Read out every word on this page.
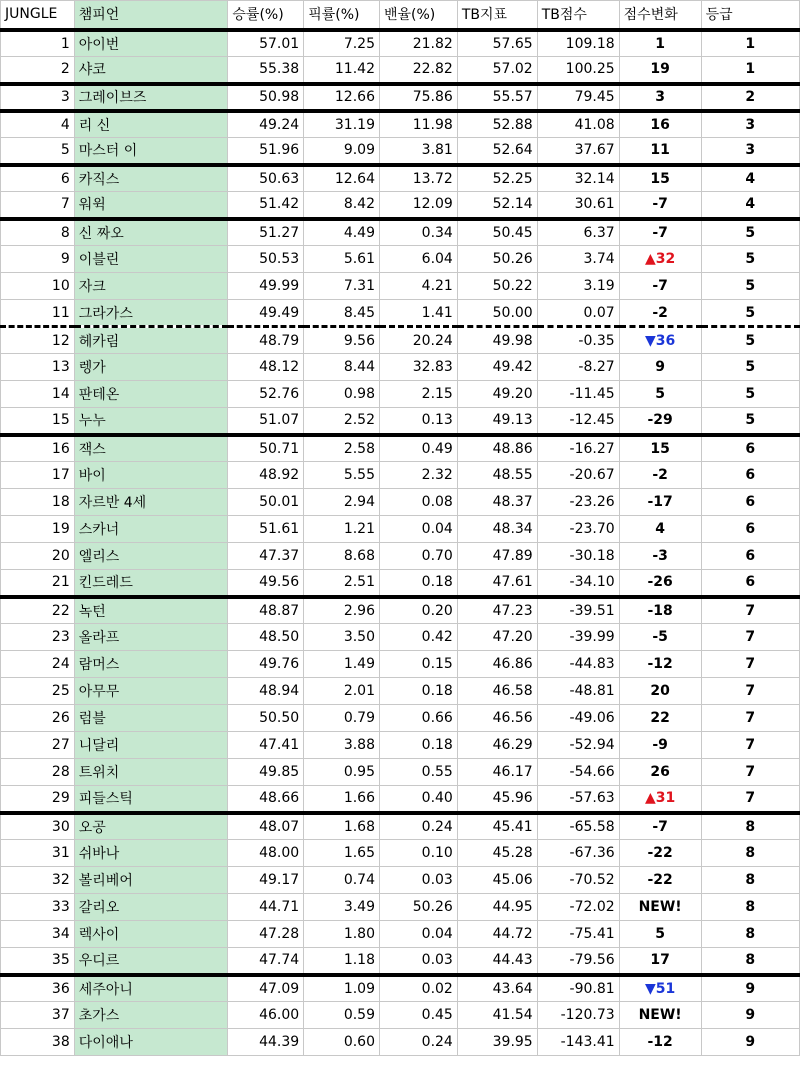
JUNGLE	챔피언	승률(%)	픽률(%)	밴율(%)	TB지표	TB점수	점수변화	등급
1	아이번	57.01	7.25	21.82	57.65	109.18	1	1
2	샤코	55.38	11.42	22.82	57.02	100.25	19	1
3	그레이브즈	50.98	12.66	75.86	55.57	79.45	3	2
4	리 신	49.24	31.19	11.98	52.88	41.08	16	3
5	마스터 이	51.96	9.09	3.81	52.64	37.67	11	3
6	카직스	50.63	12.64	13.72	52.25	32.14	15	4
7	워윅	51.42	8.42	12.09	52.14	30.61	-7	4
8	신 짜오	51.27	4.49	0.34	50.45	6.37	-7	5
9	이블린	50.53	5.61	6.04	50.26	3.74	▲32	5
10	자크	49.99	7.31	4.21	50.22	3.19	-7	5
11	그라가스	49.49	8.45	1.41	50.00	0.07	-2	5
12	헤카림	48.79	9.56	20.24	49.98	-0.35	▼36	5
13	렝가	48.12	8.44	32.83	49.42	-8.27	9	5
14	판테온	52.76	0.98	2.15	49.20	-11.45	5	5
15	누누	51.07	2.52	0.13	49.13	-12.45	-29	5
16	잭스	50.71	2.58	0.49	48.86	-16.27	15	6
17	바이	48.92	5.55	2.32	48.55	-20.67	-2	6
18	자르반 4세	50.01	2.94	0.08	48.37	-23.26	-17	6
19	스카너	51.61	1.21	0.04	48.34	-23.70	4	6
20	엘리스	47.37	8.68	0.70	47.89	-30.18	-3	6
21	킨드레드	49.56	2.51	0.18	47.61	-34.10	-26	6
22	녹턴	48.87	2.96	0.20	47.23	-39.51	-18	7
23	올라프	48.50	3.50	0.42	47.20	-39.99	-5	7
24	람머스	49.76	1.49	0.15	46.86	-44.83	-12	7
25	아무무	48.94	2.01	0.18	46.58	-48.81	20	7
26	럼블	50.50	0.79	0.66	46.56	-49.06	22	7
27	니달리	47.41	3.88	0.18	46.29	-52.94	-9	7
28	트위치	49.85	0.95	0.55	46.17	-54.66	26	7
29	피들스틱	48.66	1.66	0.40	45.96	-57.63	▲31	7
30	오공	48.07	1.68	0.24	45.41	-65.58	-7	8
31	쉬바나	48.00	1.65	0.10	45.28	-67.36	-22	8
32	볼리베어	49.17	0.74	0.03	45.06	-70.52	-22	8
33	갈리오	44.71	3.49	50.26	44.95	-72.02	NEW!	8
34	렉사이	47.28	1.80	0.04	44.72	-75.41	5	8
35	우디르	47.74	1.18	0.03	44.43	-79.56	17	8
36	세주아니	47.09	1.09	0.02	43.64	-90.81	▼51	9
37	초가스	46.00	0.59	0.45	41.54	-120.73	NEW!	9
38	다이애나	44.39	0.60	0.24	39.95	-143.41	-12	9
